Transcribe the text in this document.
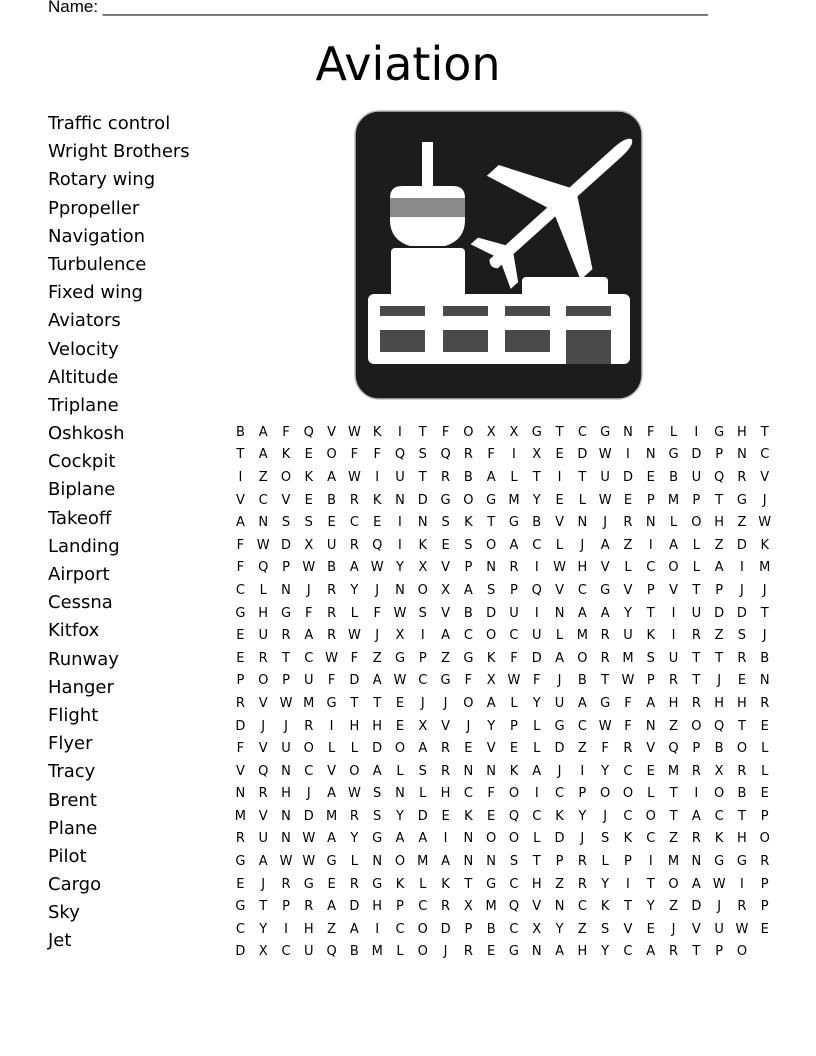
Name: ________________________________________________________________
Aviation
Traffic control
Wright Brothers
Rotary wing
Ppropeller
Navigation
Turbulence
Fixed wing
Aviators
Velocity
Altitude
Triplane
Oshkosh
Cockpit
Biplane
Takeoff
Landing
Airport
Cessna
Kitfox
Runway
Hanger
Flight
Flyer
Tracy
Brent
Plane
Pilot
Cargo
Sky
Jet
B	A	F	Q	V	W	K	I	T	F	O	X	X	G	T	C	G	N	F	L	I	G	H	T
T	A	K	E	O	F	F	Q	S	Q	R	F	I	X	E	D	W	I	N	G	D	P	N	C
I	Z	O	K	A	W	I	U	T	R	B	A	L	T	I	T	U	D	E	B	U	Q	R	V
V	C	V	E	B	R	K	N	D	G	O	G	M	Y	E	L	W	E	P	M	P	T	G	J
A	N	S	S	E	C	E	I	N	S	K	T	G	B	V	N	J	R	N	L	O	H	Z	W
F	W	D	X	U	R	Q	I	K	E	S	O	A	C	L	J	A	Z	I	A	L	Z	D	K
F	Q	P	W	B	A	W	Y	X	V	P	N	R	I	W	H	V	L	C	O	L	A	I	M
C	L	N	J	R	Y	J	N	O	X	A	S	P	Q	V	C	G	V	P	V	T	P	J	J
G	H	G	F	R	L	F	W	S	V	B	D	U	I	N	A	A	Y	T	I	U	D	D	T
E	U	R	A	R	W	J	X	I	A	C	O	C	U	L	M	R	U	K	I	R	Z	S	J
E	R	T	C	W	F	Z	G	P	Z	G	K	F	D	A	O	R	M	S	U	T	T	R	B
P	O	P	U	F	D	A	W	C	G	F	X	W	F	J	B	T	W	P	R	T	J	E	N
R	V	W	M	G	T	T	E	J	J	O	A	L	Y	U	A	G	F	A	H	R	H	H	R
D	J	J	R	I	H	H	E	X	V	J	Y	P	L	G	C	W	F	N	Z	O	Q	T	E
F	V	U	O	L	L	D	O	A	R	E	V	E	L	D	Z	F	R	V	Q	P	B	O	L
V	Q	N	C	V	O	A	L	S	R	N	N	K	A	J	I	Y	C	E	M	R	X	R	L
N	R	H	J	A	W	S	N	L	H	C	F	O	I	C	P	O	O	L	T	I	O	B	E
M	V	N	D	M	R	S	Y	D	E	K	E	Q	C	K	Y	J	C	O	T	A	C	T	P
R	U	N	W	A	Y	G	A	A	I	N	O	O	L	D	J	S	K	C	Z	R	K	H	O
G	A	W	W	G	L	N	O	M	A	N	N	S	T	P	R	L	P	I	M	N	G	G	R
E	J	R	G	E	R	G	K	L	K	T	G	C	H	Z	R	Y	I	T	O	A	W	I	P
G	T	P	R	A	D	H	P	C	R	X	M	Q	V	N	C	K	T	Y	Z	D	J	R	P
C	Y	I	H	Z	A	I	C	O	D	P	B	C	X	Y	Z	S	V	E	J	V	U	W	E
D	X	C	U	Q	B	M	L	O	J	R	E	G	N	A	H	Y	C	A	R	T	P	O	
